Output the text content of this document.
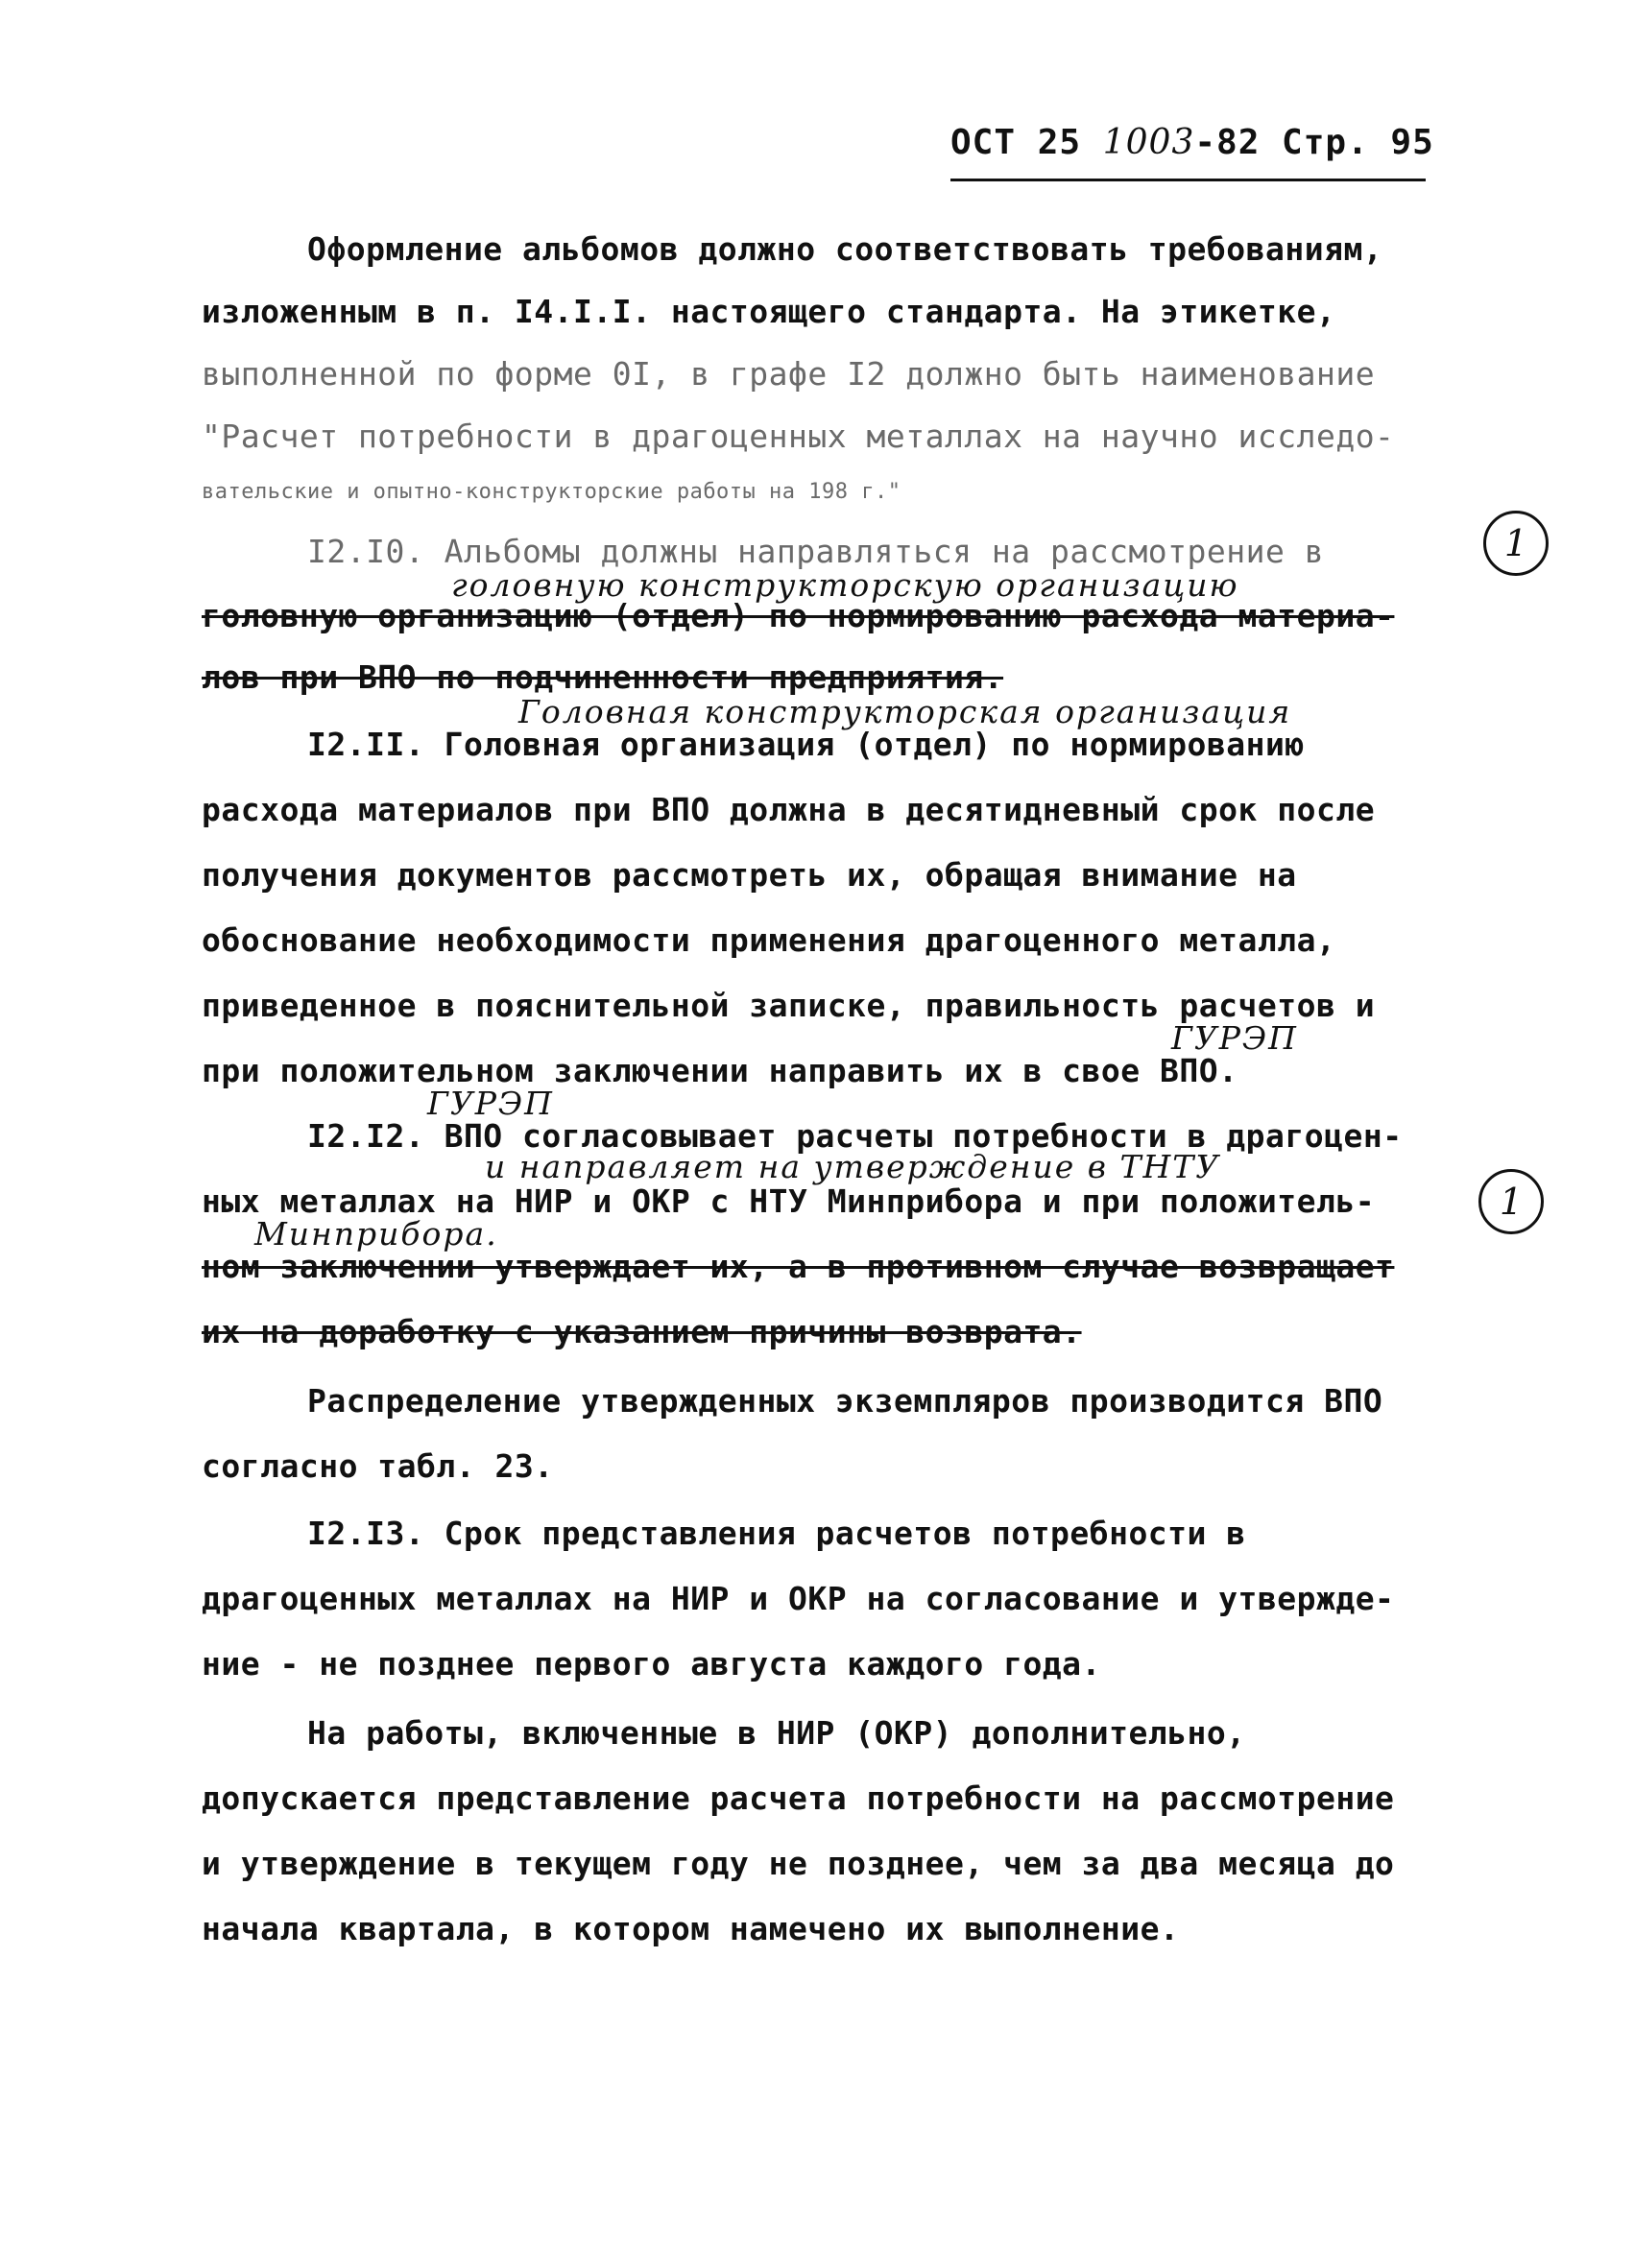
ОСТ 25 1003-82 Стр. 95
Оформление альбомов должно соответствовать требованиям,
изложенным в п. I4.I.I. настоящего стандарта. На этикетке,
выполненной по форме 0I, в графе I2 должно быть наименование
"Расчет потребности в драгоценных металлах на научно исследо-
вательские и опытно-конструкторские работы на 198 г."
I2.I0. Альбомы должны направляться на рассмотрение в	1
головную конструкторскую организацию
головную организацию (отдел) по нормированию расхода материа-
лов при ВПО по подчиненности предприятия.
Головная конструкторская организация
I2.II. Головная организация (отдел) по нормированию
расхода материалов при ВПО должна в десятидневный срок после
получения документов рассмотреть их, обращая внимание на
обоснование необходимости применения драгоценного металла,
приведенное в пояснительной записке, правильность расчетов и
ГУРЭП
при положительном заключении направить их в свое ВПО.
ГУРЭП
I2.I2. ВПО согласовывает расчеты потребности в драгоцен-
и направляет на утверждение в ТНТУ
1
ных металлах на НИР и ОКР с НТУ Минприбора и при положитель-
Минприбора.
ном заключении утверждает их, а в противном случае возвращает
их на доработку с указанием причины возврата.
Распределение утвержденных экземпляров производится ВПО
согласно табл. 23.
I2.I3. Срок представления расчетов потребности в
драгоценных металлах на НИР и ОКР на согласование и утвержде-
ние - не позднее первого августа каждого года.
На работы, включенные в НИР (ОКР) дополнительно,
допускается представление расчета потребности на рассмотрение
и утверждение в текущем году не позднее, чем за два месяца до
начала квартала, в котором намечено их выполнение.
